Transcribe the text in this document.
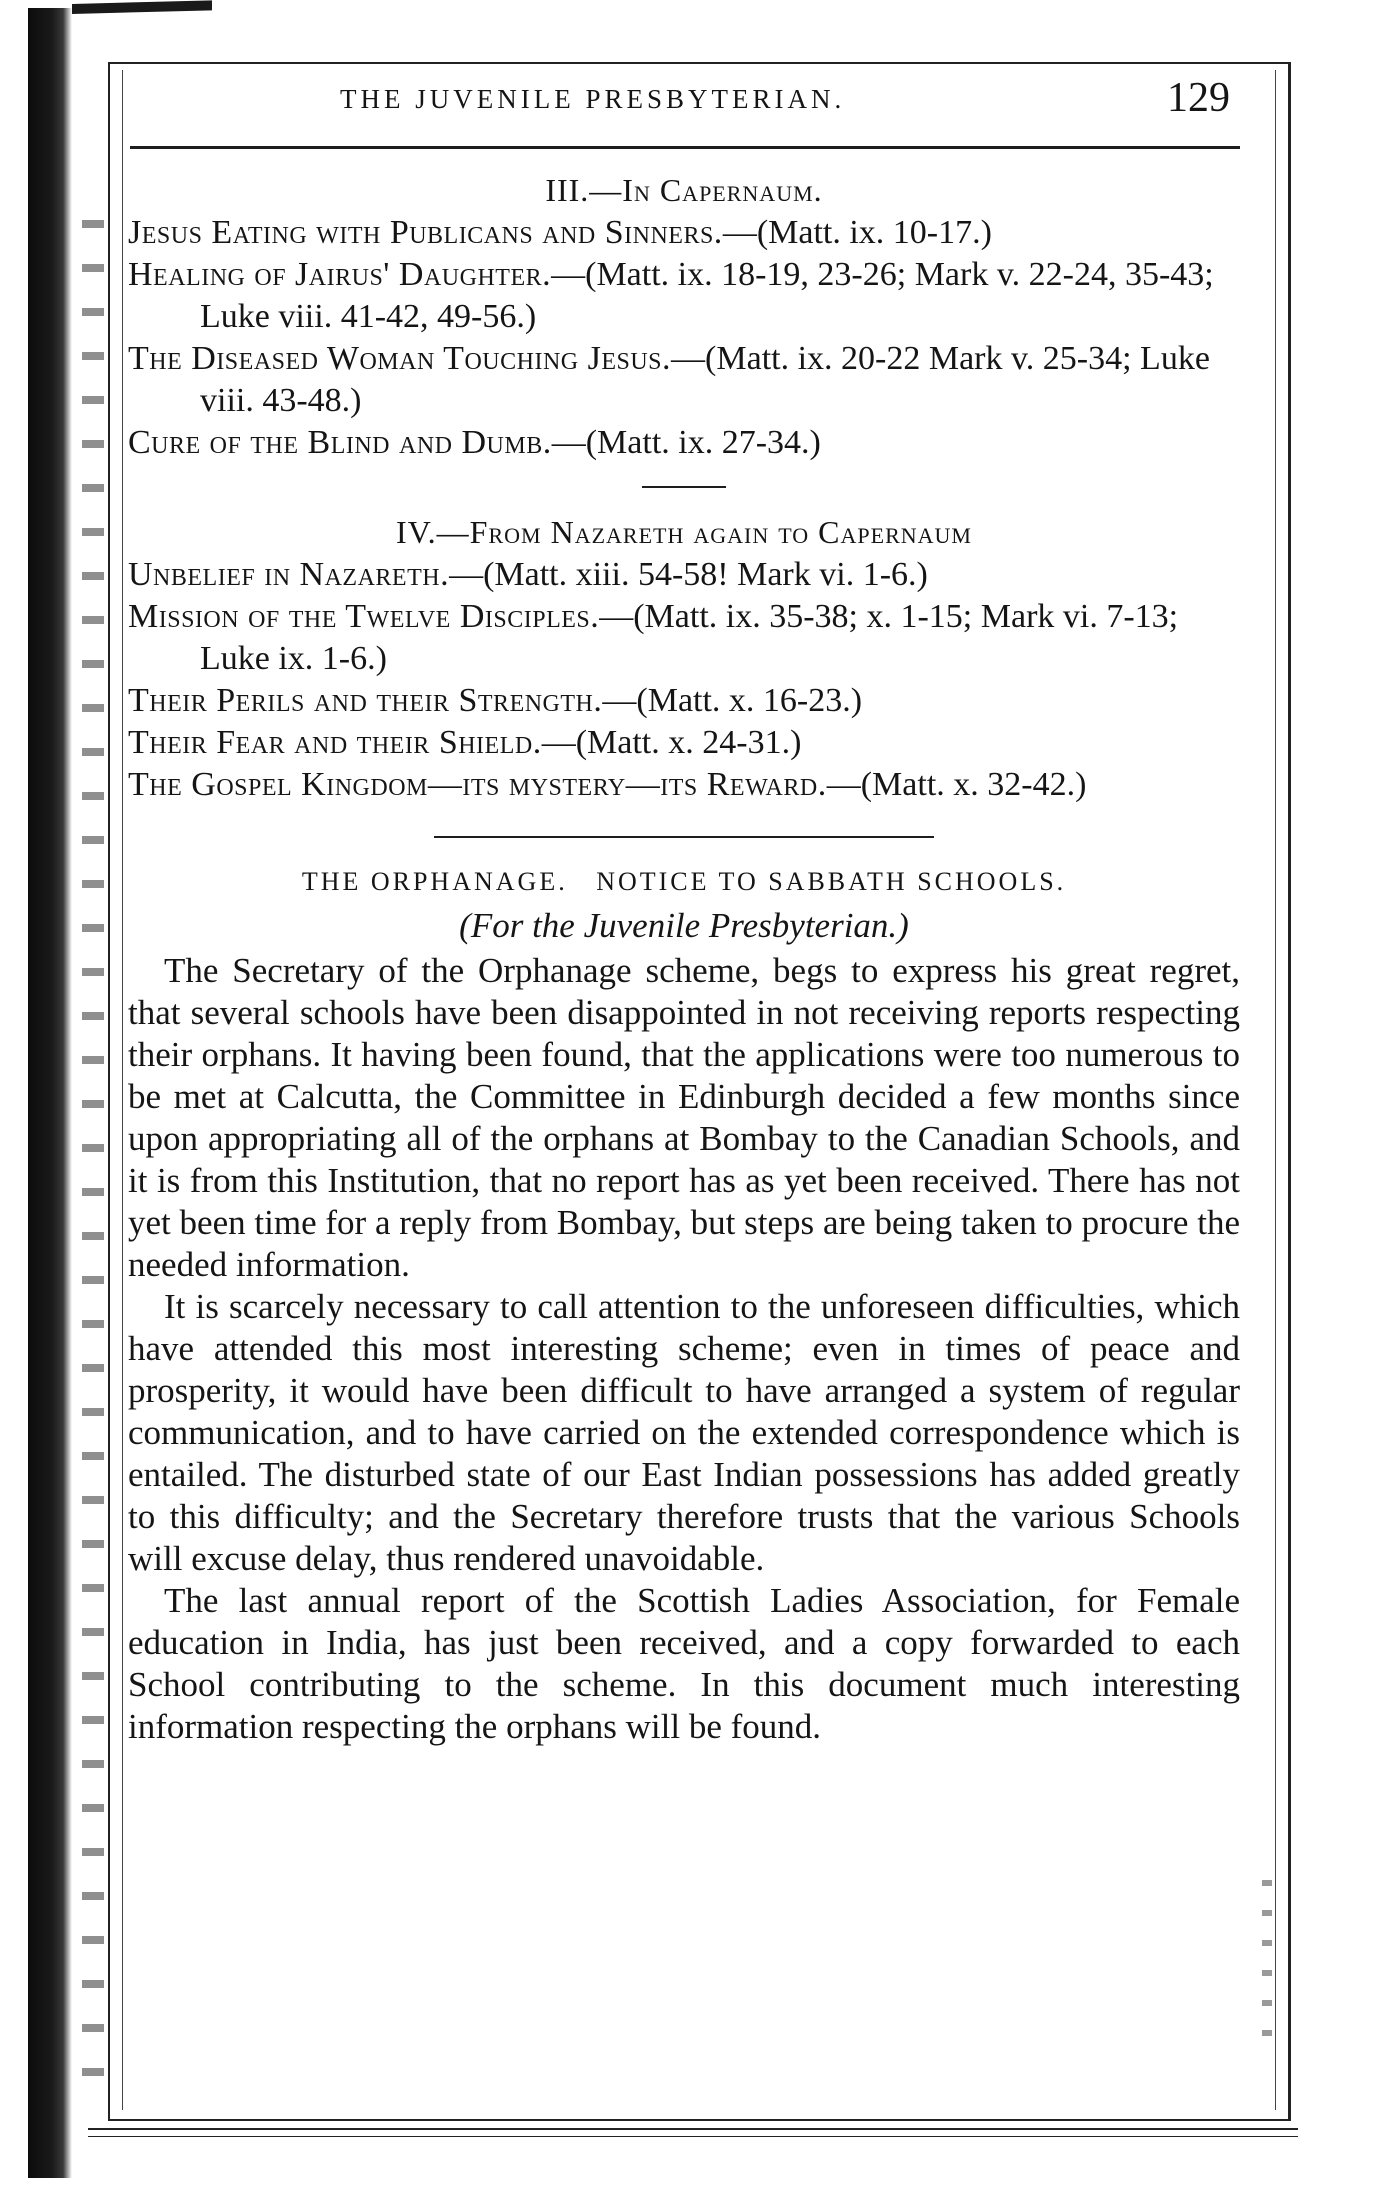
THE JUVENILE PRESBYTERIAN.	129
III.—In Capernaum.

Jesus Eating with Publicans and Sinners.—(Matt. ix. 10-17.)

Healing of Jairus' Daughter.—(Matt. ix. 18-19, 23-26; Mark v. 22-24, 35-43; Luke viii. 41-42, 49-56.)

The Diseased Woman Touching Jesus.—(Matt. ix. 20-22 Mark v. 25-34; Luke viii. 43-48.)

Cure of the Blind and Dumb.—(Matt. ix. 27-34.)

IV.—From Nazareth again to Capernaum

Unbelief in Nazareth.—(Matt. xiii. 54-58! Mark vi. 1-6.)

Mission of the Twelve Disciples.—(Matt. ix. 35-38; x. 1-15; Mark vi. 7-13; Luke ix. 1-6.)

Their Perils and their Strength.—(Matt. x. 16-23.)

Their Fear and their Shield.—(Matt. x. 24-31.)

The Gospel Kingdom—its mystery—its Reward.—(Matt. x. 32-42.)

THE ORPHANAGE.   NOTICE TO SABBATH SCHOOLS.
(For the Juvenile Presbyterian.)

The Secretary of the Orphanage scheme, begs to express his great regret, that several schools have been disappointed in not receiving reports respecting their orphans. It having been found, that the applications were too numerous to be met at Calcutta, the Committee in Edinburgh decided a few months since upon appropriating all of the orphans at Bombay to the Canadian Schools, and it is from this Institution, that no report has as yet been received. There has not yet been time for a reply from Bombay, but steps are being taken to procure the needed information.

It is scarcely necessary to call attention to the unforeseen difficulties, which have attended this most interesting scheme; even in times of peace and prosperity, it would have been difficult to have arranged a system of regular communication, and to have carried on the extended correspondence which is entailed. The disturbed state of our East Indian possessions has added greatly to this difficulty; and the Secretary therefore trusts that the various Schools will excuse delay, thus rendered unavoidable.

The last annual report of the Scottish Ladies Association, for Female education in India, has just been received, and a copy forwarded to each School contributing to the scheme. In this document much interesting information respecting the orphans will be found.
